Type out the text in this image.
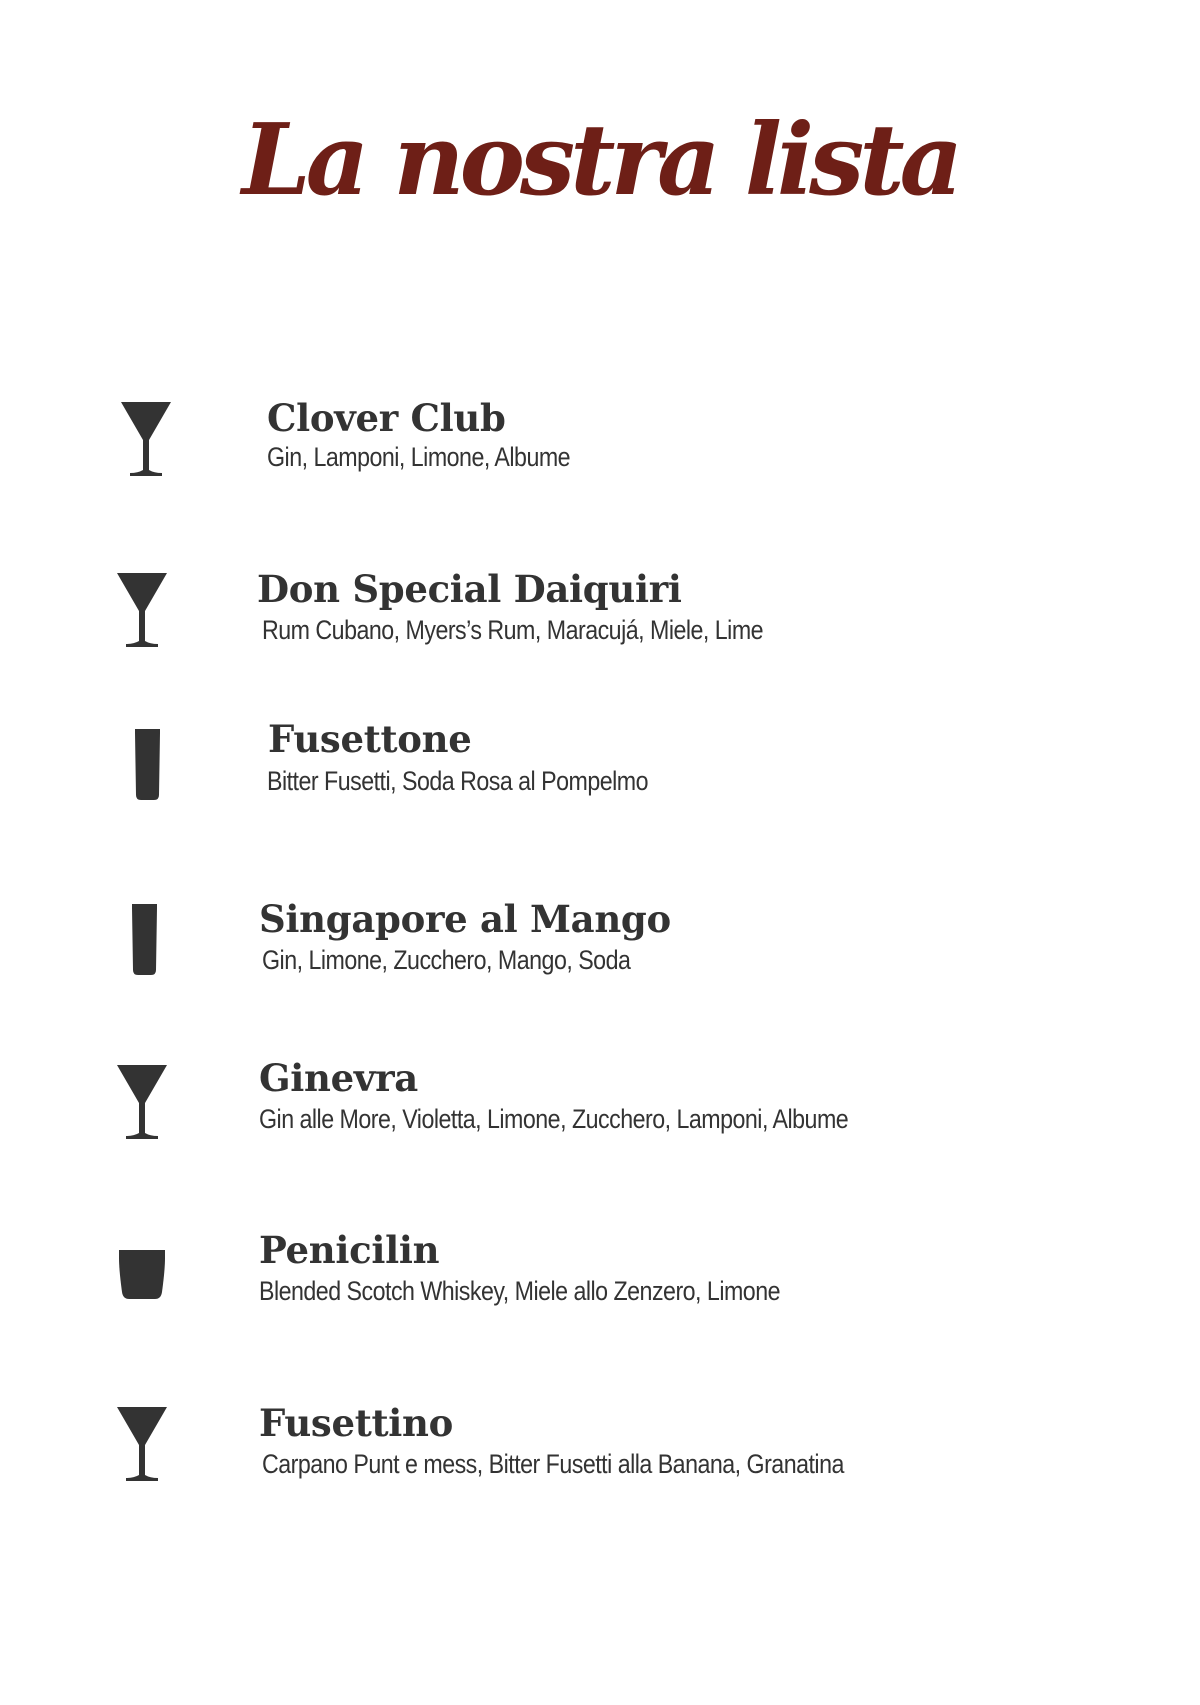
La nostra lista
Clover Club
Gin, Lamponi, Limone, Albume
Don Special Daiquiri
Rum Cubano, Myers’s Rum, Maracujá, Miele, Lime
Fusettone
Bitter Fusetti, Soda Rosa al Pompelmo
Singapore al Mango
Gin, Limone, Zucchero, Mango, Soda
Ginevra
Gin alle More, Violetta, Limone, Zucchero, Lamponi, Albume
Penicilin
Blended Scotch Whiskey, Miele allo Zenzero, Limone
Fusettino
Carpano Punt e mess, Bitter Fusetti alla Banana, Granatina
